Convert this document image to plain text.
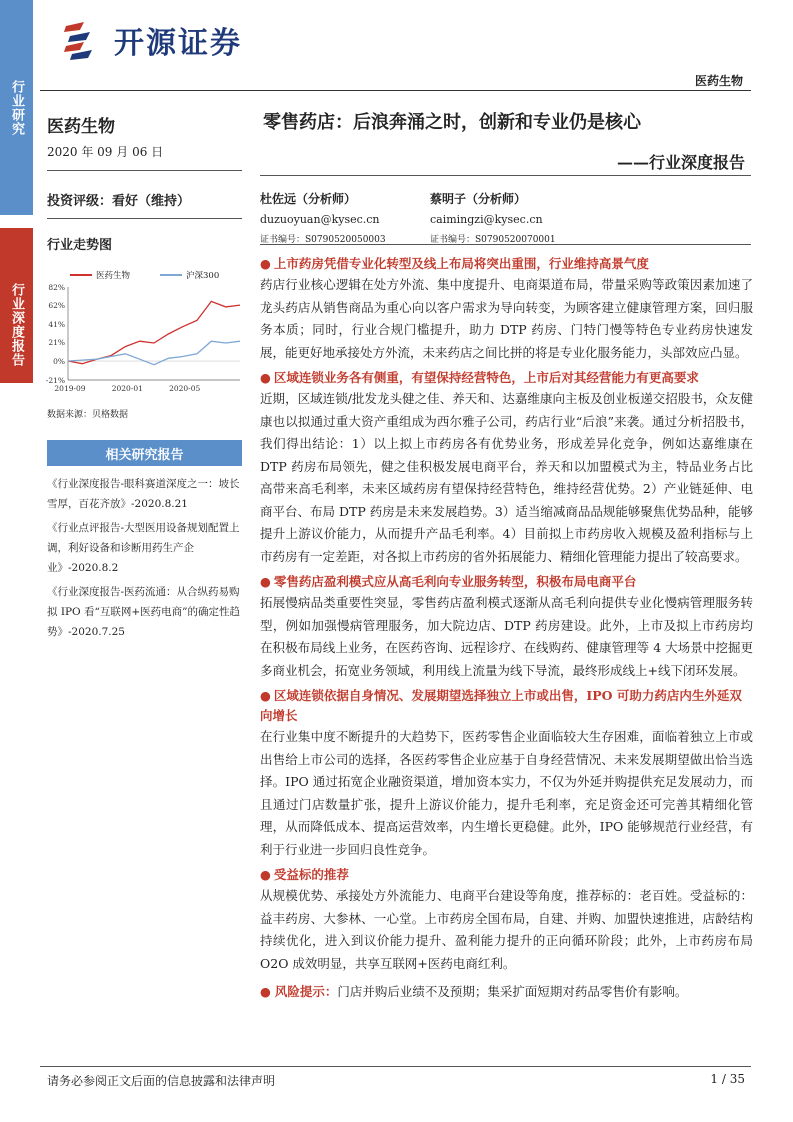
行业研究
行业深度报告
开源证券
医药生物
医药生物
2020 年 09 月 06 日
投资评级：看好（维持）
行业走势图
-21%
0%
21%
41%
62%
82%
2019-09	2020-01	2020-05
医药生物	沪深300
数据来源：贝格数据
相关研究报告

《行业深度报告-眼科赛道深度之一：坡长雪厚，百花齐放》-2020.8.21

《行业点评报告-大型医用设备规划配置上调，利好设备和诊断用药生产企业》-2020.8.2

《行业深度报告-医药流通：从合纵药易购拟 IPO 看“互联网+医药电商”的确定性趋势》-2020.7.25

零售药店：后浪奔涌之时，创新和专业仍是核心
——行业深度报告
杜佐远（分析师）
duzuoyuan@kysec.cn
证书编号：S0790520050003
蔡明子（分析师）
caimingzi@kysec.cn
证书编号：S0790520070001
● 上市药房凭借专业化转型及线上布局将突出重围，行业维持高景气度
药店行业核心逻辑在处方外流、集中度提升、电商渠道布局，带量采购等政策因素加速了龙头药店从销售商品为重心向以客户需求为导向转变，为顾客建立健康管理方案，回归服务本质；同时，行业合规门槛提升，助力 DTP 药房、门特门慢等特色专业药房快速发展，能更好地承接处方外流，未来药店之间比拼的将是专业化服务能力，头部效应凸显。
● 区域连锁业务各有侧重，有望保持经营特色，上市后对其经营能力有更高要求
近期，区域连锁/批发龙头健之佳、养天和、达嘉维康向主板及创业板递交招股书，众友健康也以拟通过重大资产重组成为西尔雅子公司，药店行业“后浪”来袭。通过分析招股书，我们得出结论：1）以上拟上市药房各有优势业务，形成差异化竞争，例如达嘉维康在 DTP 药房布局领先，健之佳积极发展电商平台，养天和以加盟模式为主，特品业务占比高带来高毛利率，未来区域药房有望保持经营特色，维持经营优势。2）产业链延伸、电商平台、布局 DTP 药房是未来发展趋势。3）适当缩减商品品规能够聚焦优势品种，能够提升上游议价能力，从而提升产品毛利率。4）目前拟上市药房收入规模及盈利指标与上市药房有一定差距，对各拟上市药房的省外拓展能力、精细化管理能力提出了较高要求。
● 零售药店盈利模式应从高毛利向专业服务转型，积极布局电商平台
拓展慢病品类重要性突显，零售药店盈利模式逐渐从高毛利向提供专业化慢病管理服务转型，例如加强慢病管理服务，加大院边店、DTP 药房建设。此外，上市及拟上市药房均在积极布局线上业务，在医药咨询、远程诊疗、在线购药、健康管理等 4 大场景中挖掘更多商业机会，拓宽业务领域，利用线上流量为线下导流，最终形成线上+线下闭环发展。
● 区域连锁依据自身情况、发展期望选择独立上市或出售，IPO 可助力药店内生外延双向增长
在行业集中度不断提升的大趋势下，医药零售企业面临较大生存困难，面临着独立上市或出售给上市公司的选择，各医药零售企业应基于自身经营情况、未来发展期望做出恰当选择。IPO 通过拓宽企业融资渠道，增加资本实力，不仅为外延并购提供充足发展动力，而且通过门店数量扩张，提升上游议价能力，提升毛利率，充足资金还可完善其精细化管理，从而降低成本、提高运营效率，内生增长更稳健。此外，IPO 能够规范行业经营，有利于行业进一步回归良性竞争。
● 受益标的推荐
从规模优势、承接处方外流能力、电商平台建设等角度，推荐标的：老百姓。受益标的：益丰药房、大参林、一心堂。上市药房全国布局，自建、并购、加盟快速推进，店龄结构持续优化，进入到议价能力提升、盈利能力提升的正向循环阶段；此外，上市药房布局 O2O 成效明显，共享互联网+医药电商红利。
● 风险提示：门店并购后业绩不及预期；集采扩面短期对药品零售价有影响。
请务必参阅正文后面的信息披露和法律声明	1 / 35
